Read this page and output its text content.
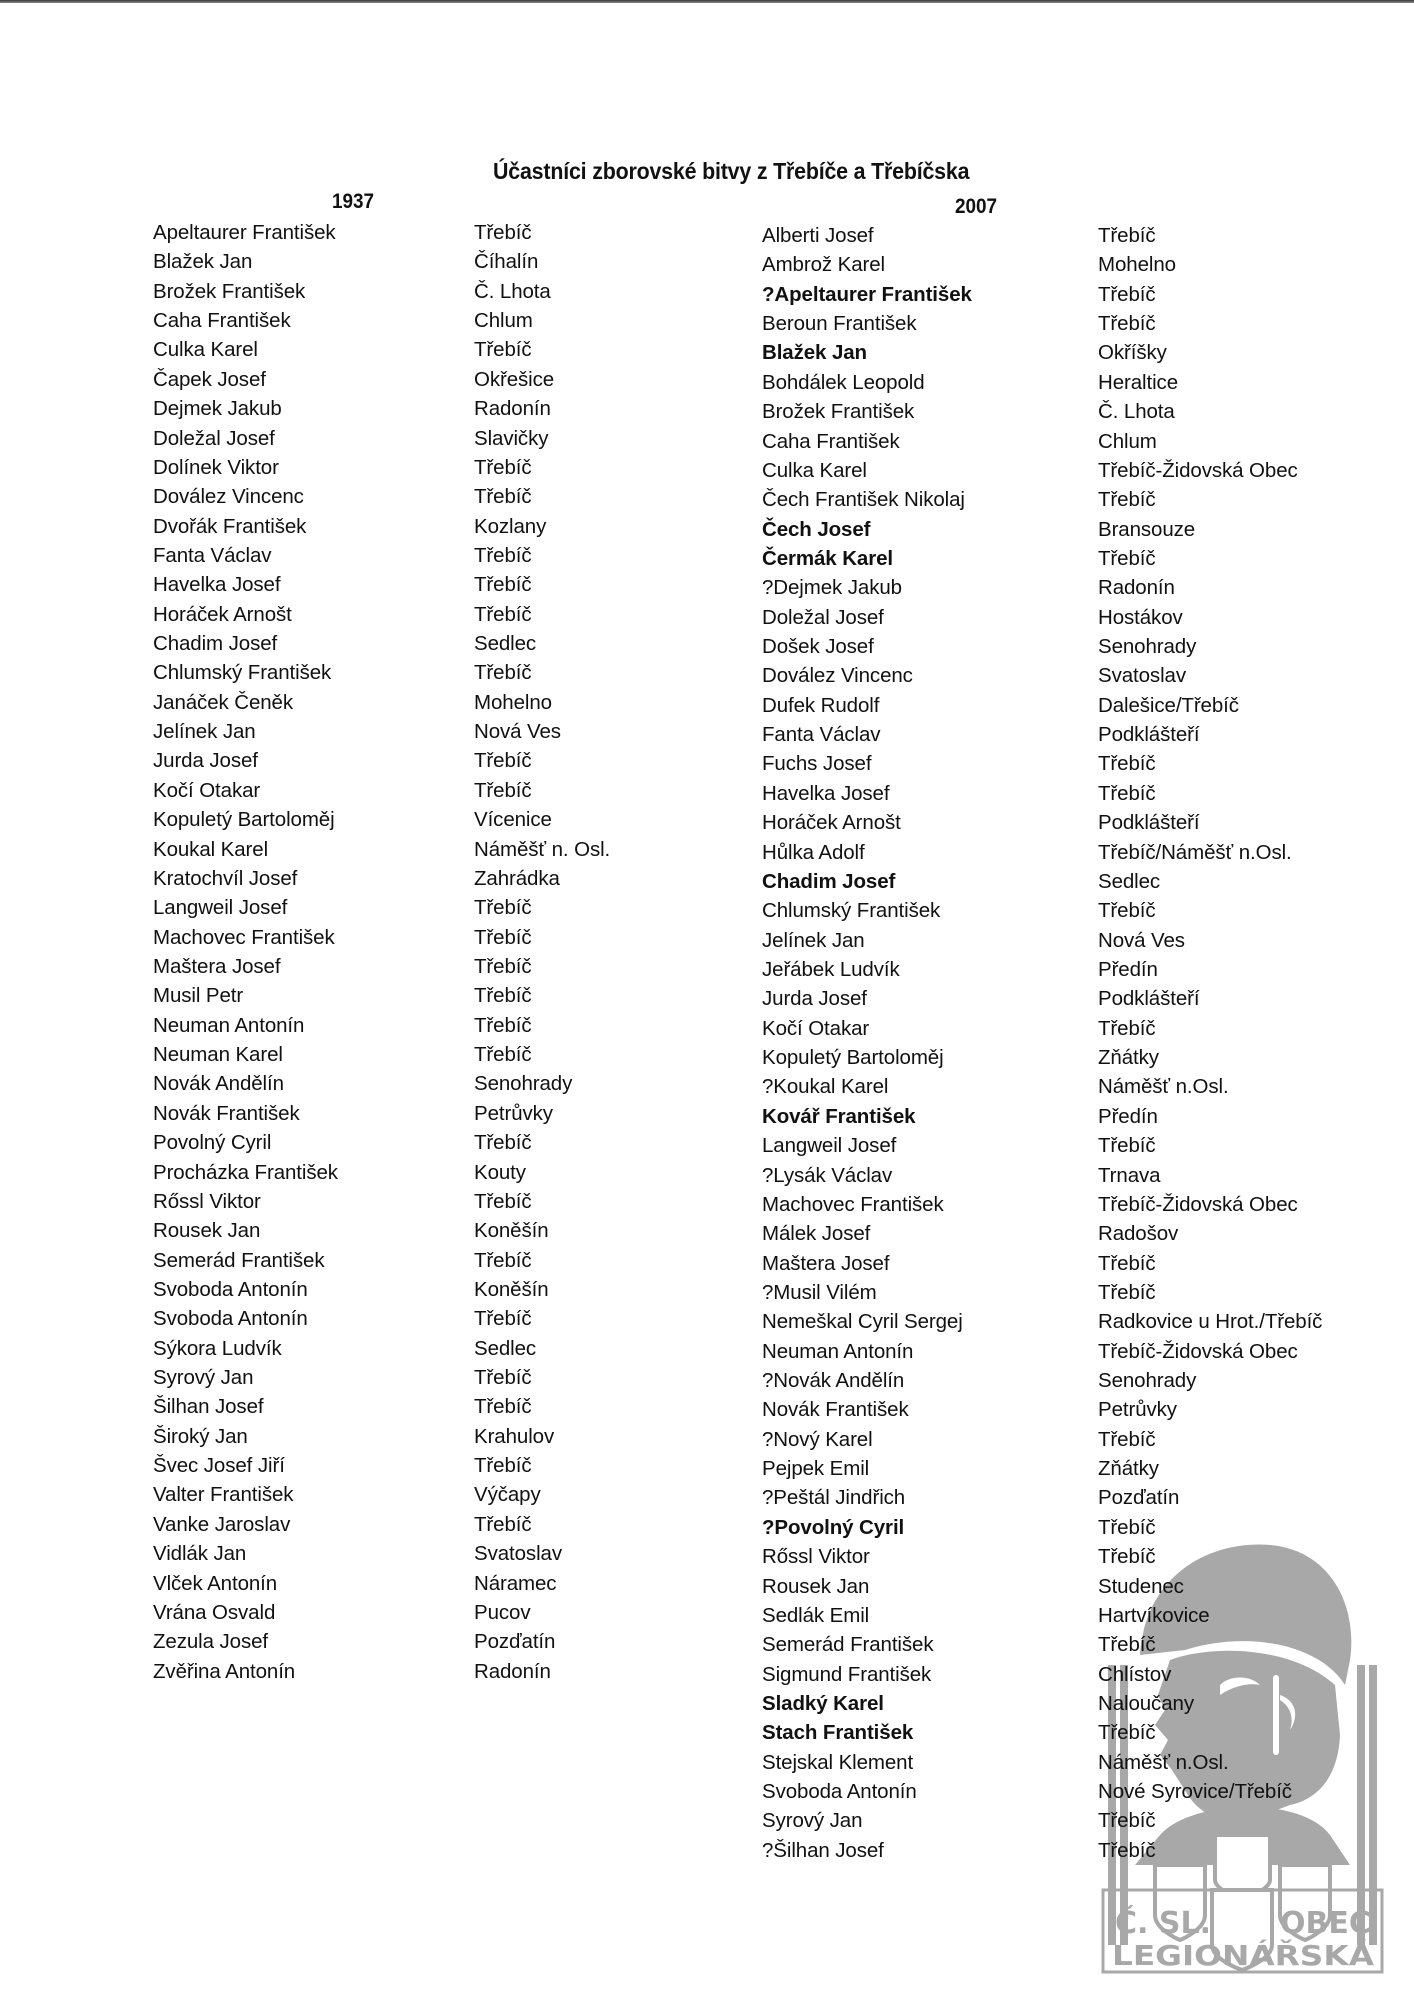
Účastníci zborovské bitvy z Třebíče a Třebíčska
1937	2007
Apeltaurer František
Blažek Jan
Brožek František
Caha František
Culka Karel
Čapek Josef
Dejmek Jakub
Doležal Josef
Dolínek Viktor
Dovález Vincenc
Dvořák František
Fanta Václav
Havelka Josef
Horáček Arnošt
Chadim Josef
Chlumský František
Janáček Čeněk
Jelínek Jan
Jurda Josef
Kočí Otakar
Kopuletý Bartoloměj
Koukal Karel
Kratochvíl Josef
Langweil Josef
Machovec František
Maštera Josef
Musil Petr
Neuman Antonín
Neuman Karel
Novák Andělín
Novák František
Povolný Cyril
Procházka František
Rőssl Viktor
Rousek Jan
Semerád František
Svoboda Antonín
Svoboda Antonín
Sýkora Ludvík
Syrový Jan
Šilhan Josef
Široký Jan
Švec Josef Jiří
Valter František
Vanke Jaroslav
Vidlák Jan
Vlček Antonín
Vrána Osvald
Zezula Josef
Zvěřina Antonín
Třebíč
Číhalín
Č. Lhota
Chlum
Třebíč
Okřešice
Radonín
Slavičky
Třebíč
Třebíč
Kozlany
Třebíč
Třebíč
Třebíč
Sedlec
Třebíč
Mohelno
Nová Ves
Třebíč
Třebíč
Vícenice
Náměšť n. Osl.
Zahrádka
Třebíč
Třebíč
Třebíč
Třebíč
Třebíč
Třebíč
Senohrady
Petrůvky
Třebíč
Kouty
Třebíč
Koněšín
Třebíč
Koněšín
Třebíč
Sedlec
Třebíč
Třebíč
Krahulov
Třebíč
Výčapy
Třebíč
Svatoslav
Náramec
Pucov
Pozďatín
Radonín
Č. SL. OBEC
LEGIONÁŘSKÁ
Alberti Josef
Ambrož Karel
?Apeltaurer František
Beroun František
Blažek Jan
Bohdálek Leopold
Brožek František
Caha František
Culka Karel
Čech František Nikolaj
Čech Josef
Čermák Karel
?Dejmek Jakub
Doležal Josef
Došek Josef
Dovález Vincenc
Dufek Rudolf
Fanta Václav
Fuchs Josef
Havelka Josef
Horáček Arnošt
Hůlka Adolf
Chadim Josef
Chlumský František
Jelínek Jan
Jeřábek Ludvík
Jurda Josef
Kočí Otakar
Kopuletý Bartoloměj
?Koukal Karel
Kovář František
Langweil Josef
?Lysák Václav
Machovec František
Málek Josef
Maštera Josef
?Musil Vilém
Nemeškal Cyril Sergej
Neuman Antonín
?Novák Andělín
Novák František
?Nový Karel
Pejpek Emil
?Peštál Jindřich
?Povolný Cyril
Rőssl Viktor
Rousek Jan
Sedlák Emil
Semerád František
Sigmund František
Sladký Karel
Stach František
Stejskal Klement
Svoboda Antonín
Syrový Jan
?Šilhan Josef
Třebíč
Mohelno
Třebíč
Třebíč
Okříšky
Heraltice
Č. Lhota
Chlum
Třebíč-Židovská Obec
Třebíč
Bransouze
Třebíč
Radonín
Hostákov
Senohrady
Svatoslav
Dalešice/Třebíč
Podklášteří
Třebíč
Třebíč
Podklášteří
Třebíč/Náměšť n.Osl.
Sedlec
Třebíč
Nová Ves
Předín
Podklášteří
Třebíč
Zňátky
Náměšť n.Osl.
Předín
Třebíč
Trnava
Třebíč-Židovská Obec
Radošov
Třebíč
Třebíč
Radkovice u Hrot./Třebíč
Třebíč-Židovská Obec
Senohrady
Petrůvky
Třebíč
Zňátky
Pozďatín
Třebíč
Třebíč
Studenec
Hartvíkovice
Třebíč
Chlístov
Naloučany
Třebíč
Náměšť n.Osl.
Nové Syrovice/Třebíč
Třebíč
Třebíč
